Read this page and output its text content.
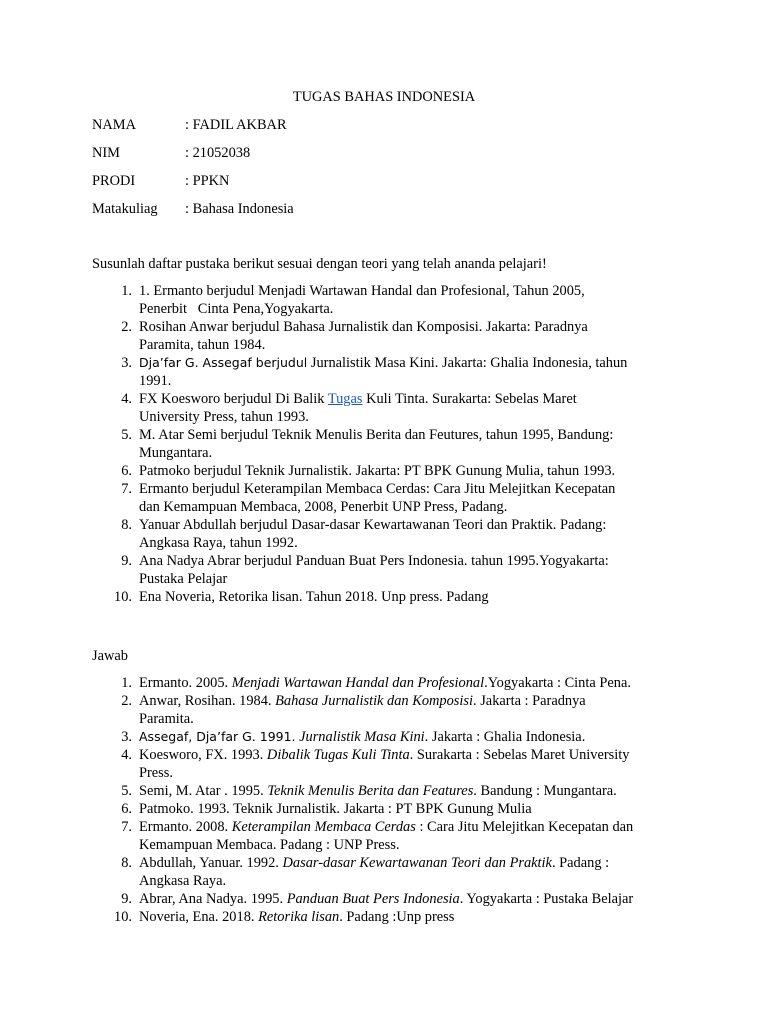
TUGAS BAHAS INDONESIA
NAMA	: FADIL AKBAR
NIM	: 21052038
PRODI	: PPKN
Matakuliag : Bahasa Indonesia
Susunlah daftar pustaka berikut sesuai dengan teori yang telah ananda pelajari!
1. 1. Ermanto berjudul Menjadi Wartawan Handal dan Profesional, Tahun 2005,
Penerbit   Cinta Pena,Yogyakarta.
2. Rosihan Anwar berjudul Bahasa Jurnalistik dan Komposisi. Jakarta: Paradnya
Paramita, tahun 1984.
3. Dja’far G. Assegaf berjudul Jurnalistik Masa Kini. Jakarta: Ghalia Indonesia, tahun
1991.
4. FX Koesworo berjudul Di Balik Tugas Kuli Tinta. Surakarta: Sebelas Maret
University Press, tahun 1993.
5. M. Atar Semi berjudul Teknik Menulis Berita dan Feutures, tahun 1995, Bandung:
Mungantara.
6. Patmoko berjudul Teknik Jurnalistik. Jakarta: PT BPK Gunung Mulia, tahun 1993.
7. Ermanto berjudul Keterampilan Membaca Cerdas: Cara Jitu Melejitkan Kecepatan
dan Kemampuan Membaca, 2008, Penerbit UNP Press, Padang.
8. Yanuar Abdullah berjudul Dasar-dasar Kewartawanan Teori dan Praktik. Padang:
Angkasa Raya, tahun 1992.
9. Ana Nadya Abrar berjudul Panduan Buat Pers Indonesia. tahun 1995.Yogyakarta:
Pustaka Pelajar
10. Ena Noveria, Retorika lisan. Tahun 2018. Unp press. Padang
Jawab
1. Ermanto. 2005. Menjadi Wartawan Handal dan Profesional.Yogyakarta : Cinta Pena.
2. Anwar, Rosihan. 1984. Bahasa Jurnalistik dan Komposisi. Jakarta : Paradnya
Paramita.
3. Assegaf, Dja’far G. 1991. Jurnalistik Masa Kini. Jakarta : Ghalia Indonesia.
4. Koesworo, FX. 1993. Dibalik Tugas Kuli Tinta. Surakarta : Sebelas Maret University
Press.
5. Semi, M. Atar . 1995. Teknik Menulis Berita dan Features. Bandung : Mungantara.
6. Patmoko. 1993. Teknik Jurnalistik. Jakarta : PT BPK Gunung Mulia
7. Ermanto. 2008. Keterampilan Membaca Cerdas : Cara Jitu Melejitkan Kecepatan dan
Kemampuan Membaca. Padang : UNP Press.
8. Abdullah, Yanuar. 1992. Dasar-dasar Kewartawanan Teori dan Praktik. Padang :
Angkasa Raya.
9. Abrar, Ana Nadya. 1995. Panduan Buat Pers Indonesia. Yogyakarta : Pustaka Belajar
10. Noveria, Ena. 2018. Retorika lisan. Padang :Unp press
